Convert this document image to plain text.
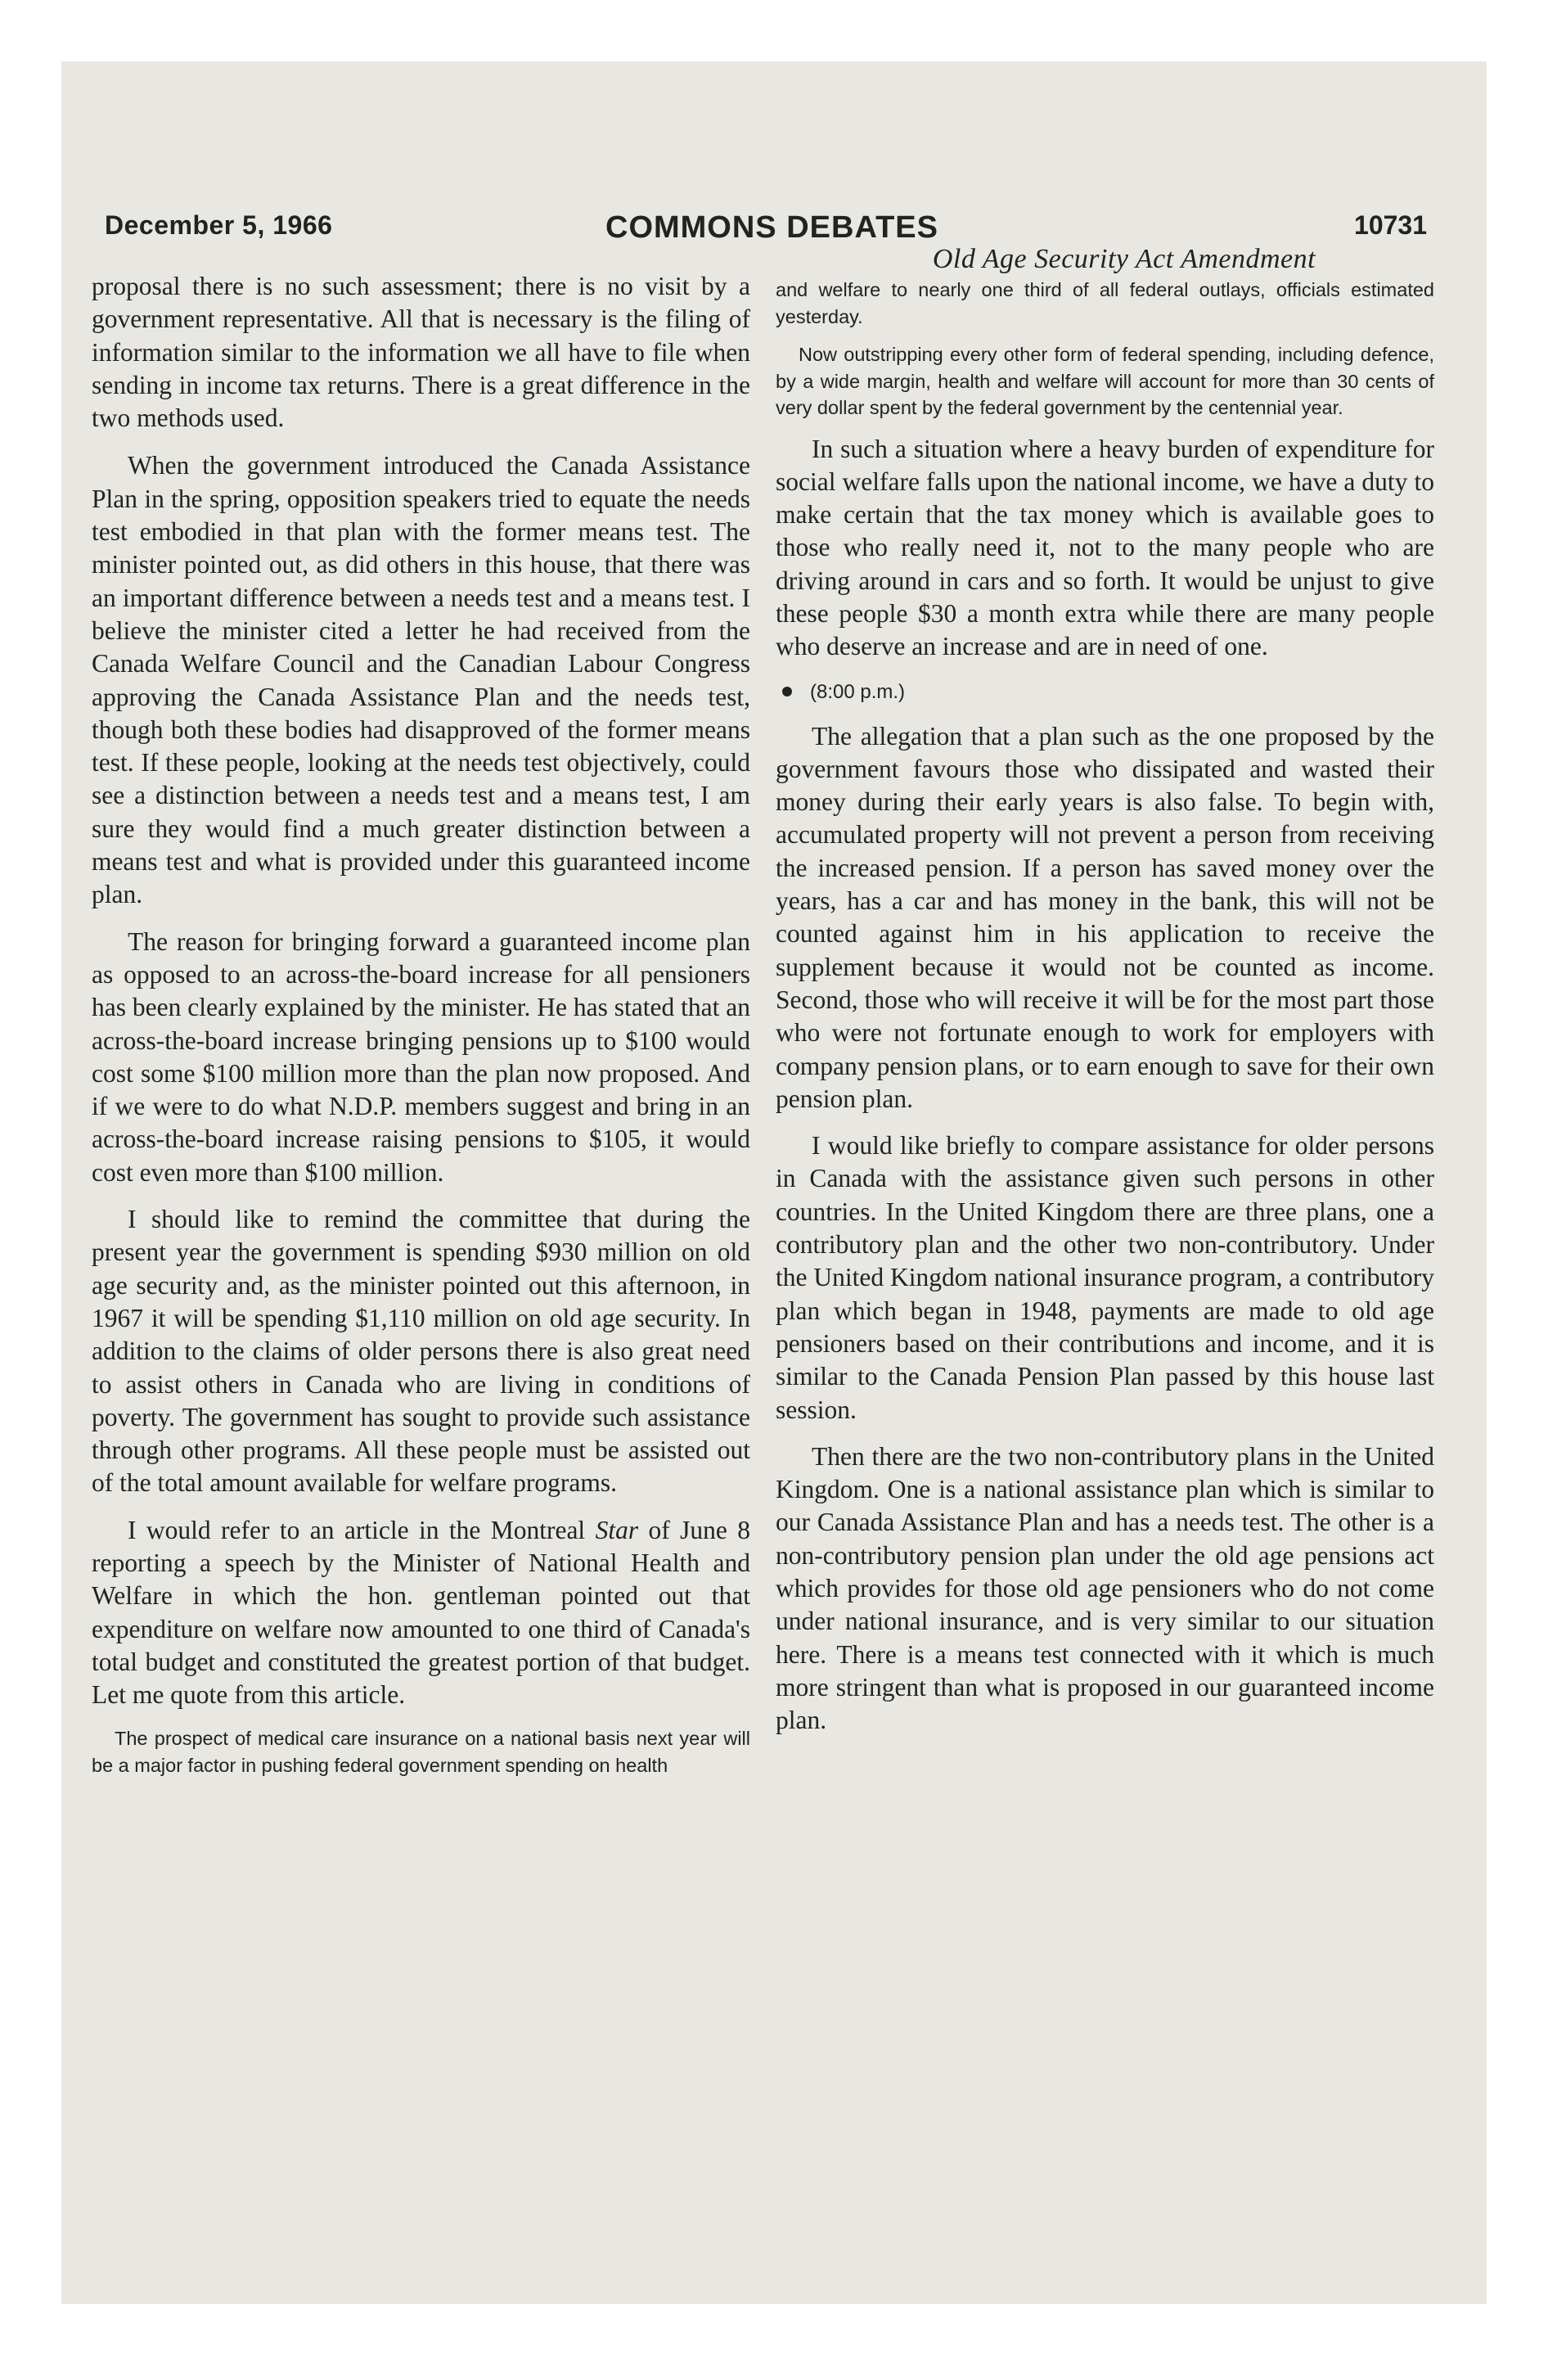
December 5, 1966	COMMONS DEBATES	10731
Old Age Security Act Amendment

proposal there is no such assessment; there is no visit by a government representative. All that is necessary is the filing of information similar to the information we all have to file when sending in income tax returns. There is a great difference in the two methods used.

When the government introduced the Canada Assistance Plan in the spring, opposition speakers tried to equate the needs test embodied in that plan with the former means test. The minister pointed out, as did others in this house, that there was an important difference between a needs test and a means test. I believe the minister cited a letter he had received from the Canada Welfare Council and the Canadian Labour Congress approving the Canada Assistance Plan and the needs test, though both these bodies had disapproved of the former means test. If these people, looking at the needs test objectively, could see a distinction between a needs test and a means test, I am sure they would find a much greater distinction between a means test and what is provided under this guaranteed income plan.

The reason for bringing forward a guaranteed income plan as opposed to an across-the-board increase for all pensioners has been clearly explained by the minister. He has stated that an across-the-board increase bringing pensions up to $100 would cost some $100 million more than the plan now proposed. And if we were to do what N.D.P. members suggest and bring in an across-the-board increase raising pensions to $105, it would cost even more than $100 million.

I should like to remind the committee that during the present year the government is spending $930 million on old age security and, as the minister pointed out this afternoon, in 1967 it will be spending $1,110 million on old age security. In addition to the claims of older persons there is also great need to assist others in Canada who are living in conditions of poverty. The government has sought to provide such assistance through other programs. All these people must be assisted out of the total amount available for welfare programs.

I would refer to an article in the Montreal Star of June 8 reporting a speech by the Minister of National Health and Welfare in which the hon. gentleman pointed out that expenditure on welfare now amounted to one third of Canada's total budget and constituted the greatest portion of that budget. Let me quote from this article.

The prospect of medical care insurance on a national basis next year will be a major factor in pushing federal government spending on health

and welfare to nearly one third of all federal outlays, officials estimated yesterday.

Now outstripping every other form of federal spending, including defence, by a wide margin, health and welfare will account for more than 30 cents of very dollar spent by the federal government by the centennial year.

In such a situation where a heavy burden of expenditure for social welfare falls upon the national income, we have a duty to make certain that the tax money which is available goes to those who really need it, not to the many people who are driving around in cars and so forth. It would be unjust to give these people $30 a month extra while there are many people who deserve an increase and are in need of one.

(8:00 p.m.)

The allegation that a plan such as the one proposed by the government favours those who dissipated and wasted their money during their early years is also false. To begin with, accumulated property will not prevent a person from receiving the increased pension. If a person has saved money over the years, has a car and has money in the bank, this will not be counted against him in his application to receive the supplement because it would not be counted as income. Second, those who will receive it will be for the most part those who were not fortunate enough to work for employers with company pension plans, or to earn enough to save for their own pension plan.

I would like briefly to compare assistance for older persons in Canada with the assistance given such persons in other countries. In the United Kingdom there are three plans, one a contributory plan and the other two non-contributory. Under the United Kingdom national insurance program, a contributory plan which began in 1948, payments are made to old age pensioners based on their contributions and income, and it is similar to the Canada Pension Plan passed by this house last session.

Then there are the two non-contributory plans in the United Kingdom. One is a national assistance plan which is similar to our Canada Assistance Plan and has a needs test. The other is a non-contributory pension plan under the old age pensions act which provides for those old age pensioners who do not come under national insurance, and is very similar to our situation here. There is a means test connected with it which is much more stringent than what is proposed in our guaranteed income plan.
